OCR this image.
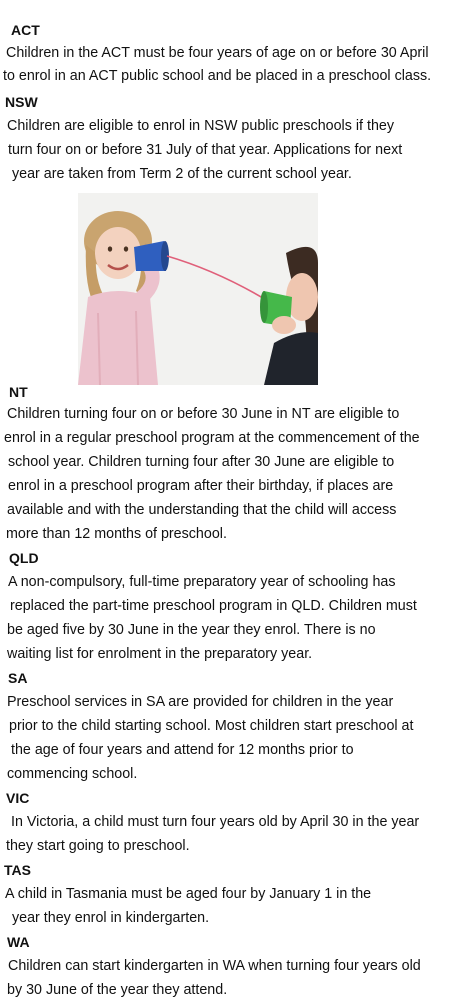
ACT
Children in the ACT must be four years of age on or before 30 April
to enrol in an ACT public school and be placed in a preschool class.
NSW
Children are eligible to enrol in NSW public preschools if they
turn four on or before 31 July of that year. Applications for next
year are taken from Term 2 of the current school year.
NT
Children turning four on or before 30 June in NT are eligible to
enrol in a regular preschool program at the commencement of the
school year. Children turning four after 30 June are eligible to
enrol in a preschool program after their birthday, if places are
available and with the understanding that the child will access
more than 12 months of preschool.
QLD
A non-compulsory, full-time preparatory year of schooling has
replaced the part-time preschool program in QLD. Children must
be aged five by 30 June in the year they enrol. There is no
waiting list for enrolment in the preparatory year.
SA
Preschool services in SA are provided for children in the year
prior to the child starting school. Most children start preschool at
the age of four years and attend for 12 months prior to
commencing school.
VIC
In Victoria, a child must turn four years old by April 30 in the year
they start going to preschool.
TAS
A child in Tasmania must be aged four by January 1 in the
year they enrol in kindergarten.
WA
Children can start kindergarten in WA when turning four years old
by 30 June of the year they attend.
